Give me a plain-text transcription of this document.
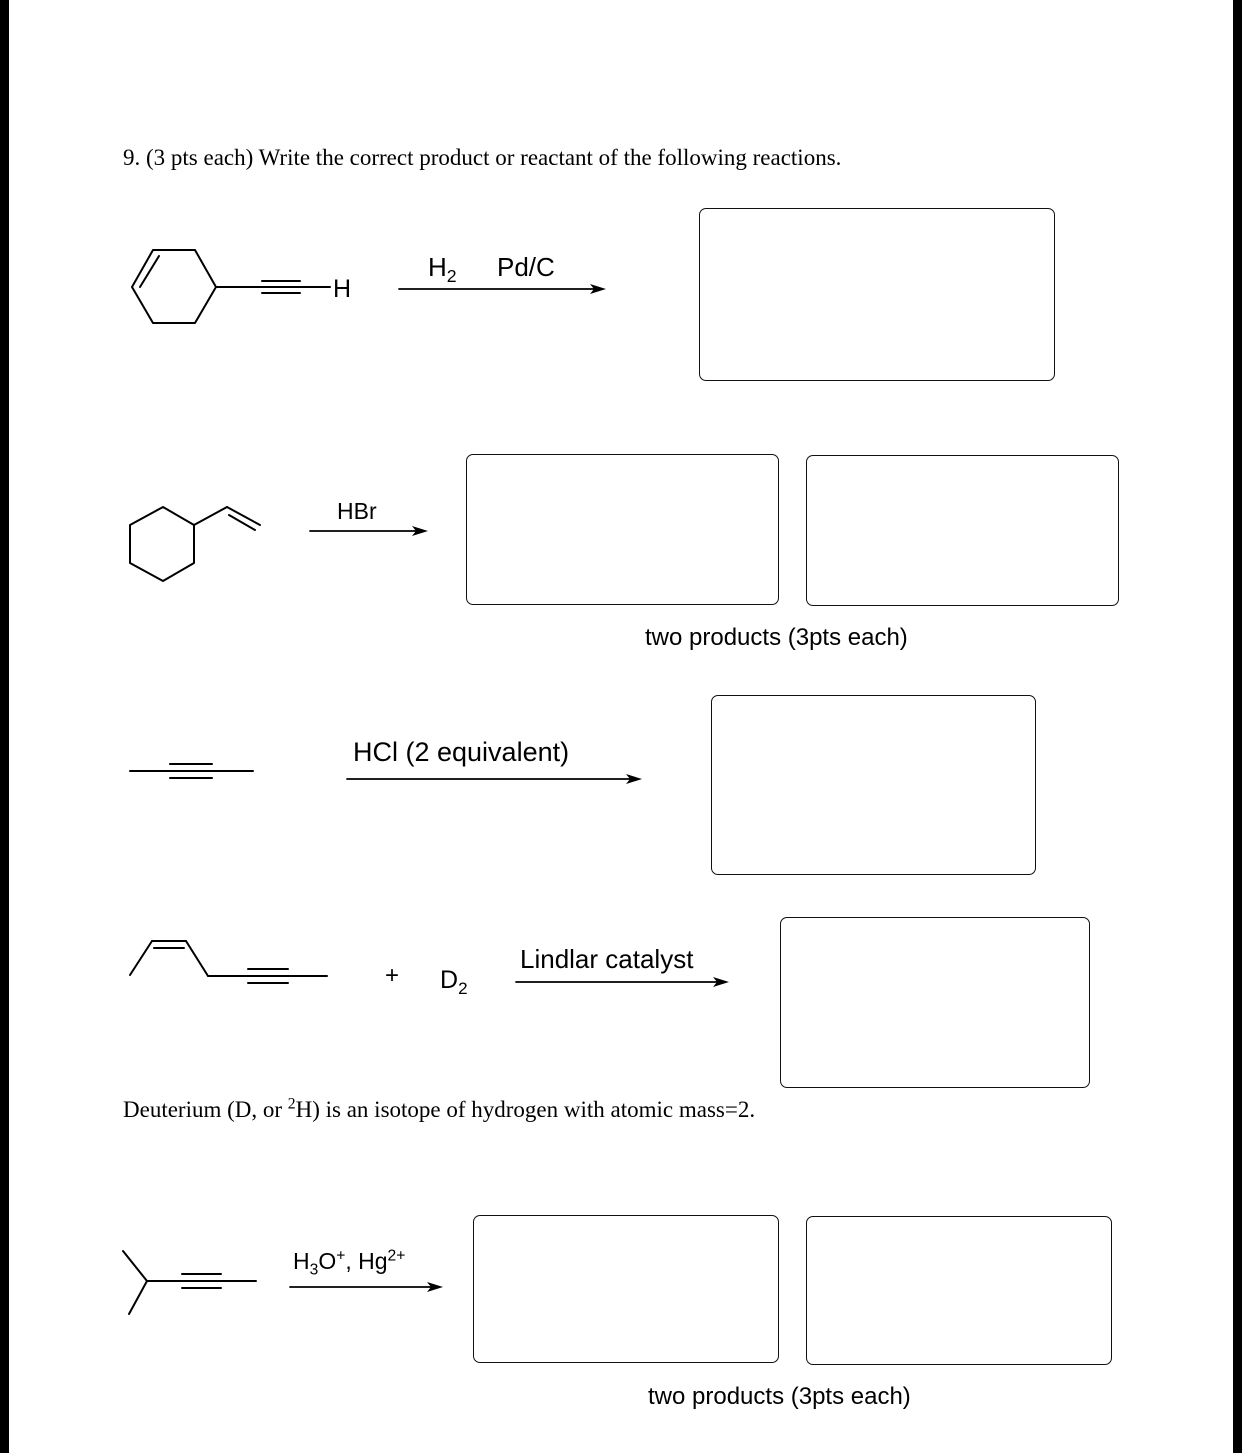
9. (3 pts each) Write the correct product or reactant of the following reactions.
H
$H_2$ Pd/C
HBr
two products (3pts each)
HCl (2 equivalent)
+ $D_2$
Lindlar catalyst
Deuterium (D, or $^2$H) is an isotope of hydrogen with atomic mass=2.
$H_3O^+$, $Hg^{2+}$
two products (3pts each)
